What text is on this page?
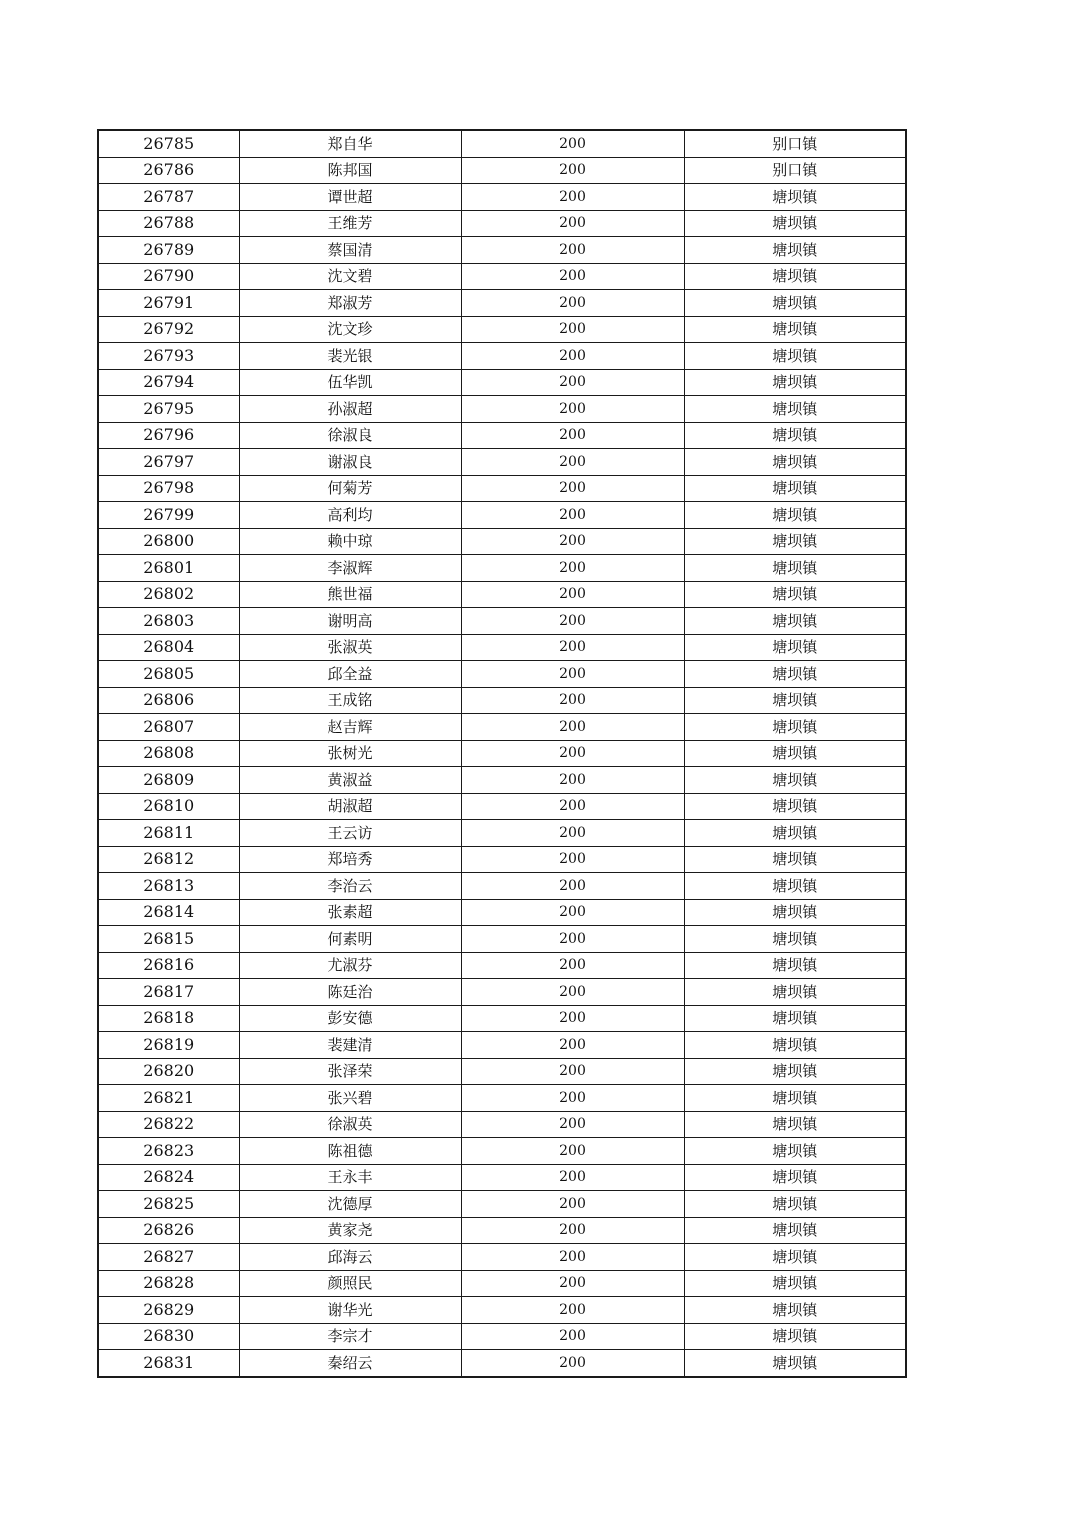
26785	郑自华	200	别口镇
26786	陈邦国	200	别口镇
26787	谭世超	200	塘坝镇
26788	王维芳	200	塘坝镇
26789	蔡国清	200	塘坝镇
26790	沈文碧	200	塘坝镇
26791	郑淑芳	200	塘坝镇
26792	沈文珍	200	塘坝镇
26793	裴光银	200	塘坝镇
26794	伍华凯	200	塘坝镇
26795	孙淑超	200	塘坝镇
26796	徐淑良	200	塘坝镇
26797	谢淑良	200	塘坝镇
26798	何菊芳	200	塘坝镇
26799	高利均	200	塘坝镇
26800	赖中琼	200	塘坝镇
26801	李淑辉	200	塘坝镇
26802	熊世福	200	塘坝镇
26803	谢明高	200	塘坝镇
26804	张淑英	200	塘坝镇
26805	邱全益	200	塘坝镇
26806	王成铭	200	塘坝镇
26807	赵吉辉	200	塘坝镇
26808	张树光	200	塘坝镇
26809	黄淑益	200	塘坝镇
26810	胡淑超	200	塘坝镇
26811	王云访	200	塘坝镇
26812	郑培秀	200	塘坝镇
26813	李治云	200	塘坝镇
26814	张素超	200	塘坝镇
26815	何素明	200	塘坝镇
26816	尤淑芬	200	塘坝镇
26817	陈廷治	200	塘坝镇
26818	彭安德	200	塘坝镇
26819	裴建清	200	塘坝镇
26820	张泽荣	200	塘坝镇
26821	张兴碧	200	塘坝镇
26822	徐淑英	200	塘坝镇
26823	陈祖德	200	塘坝镇
26824	王永丰	200	塘坝镇
26825	沈德厚	200	塘坝镇
26826	黄家尧	200	塘坝镇
26827	邱海云	200	塘坝镇
26828	颜照民	200	塘坝镇
26829	谢华光	200	塘坝镇
26830	李宗才	200	塘坝镇
26831	秦绍云	200	塘坝镇
